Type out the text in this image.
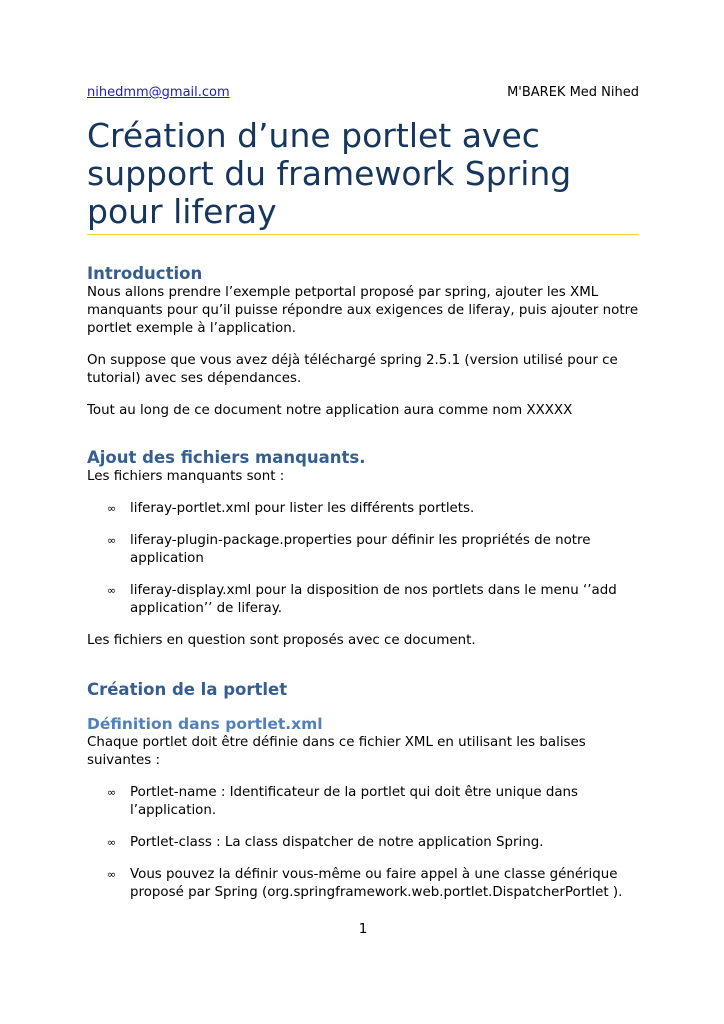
nihedmm@gmail.com	M'BAREK Med Nihed
Création d’une portlet avec
support du framework Spring
pour liferay
Introduction

Nous allons prendre l’exemple petportal proposé par spring, ajouter les XML
manquants pour qu’il puisse répondre aux exigences de liferay, puis ajouter notre
portlet exemple à l’application.

On suppose que vous avez déjà téléchargé spring 2.5.1 (version utilisé pour ce
tutorial) avec ses dépendances.

Tout au long de ce document notre application aura comme nom XXXXX

Ajout des fichiers manquants.

Les fichiers manquants sont :

∞ liferay-portlet.xml pour lister les différents portlets.
∞ liferay-plugin-package.properties pour définir les propriétés de notre
application
∞ liferay-display.xml pour la disposition de nos portlets dans le menu ‘’add
application’’ de liferay.

Les fichiers en question sont proposés avec ce document.

Création de la portlet
Définition dans portlet.xml

Chaque portlet doit être définie dans ce fichier XML en utilisant les balises
suivantes :

∞ Portlet-name : Identificateur de la portlet qui doit être unique dans
l’application.
∞ Portlet-class : La class dispatcher de notre application Spring.
∞ Vous pouvez la définir vous-même ou faire appel à une classe générique
proposé par Spring (org.springframework.web.portlet.DispatcherPortlet ).
1
